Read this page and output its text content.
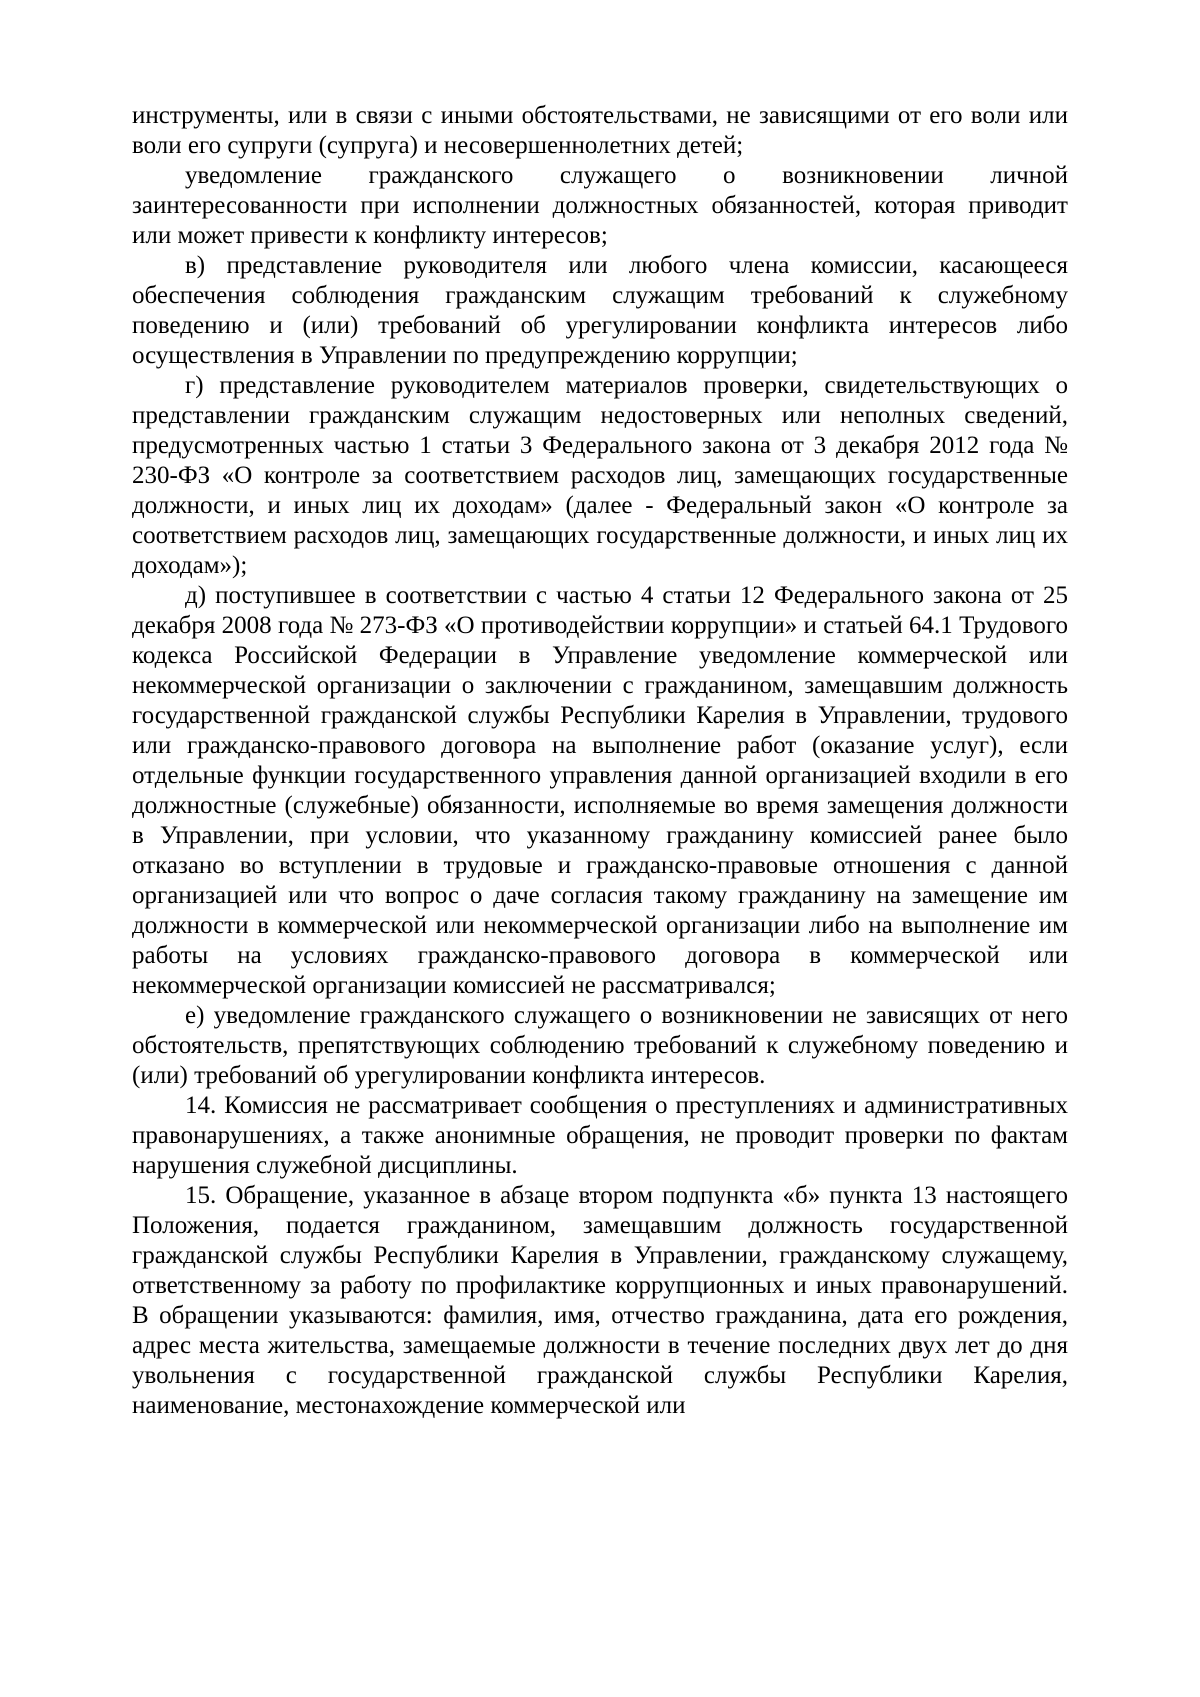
инструменты, или в связи с иными обстоятельствами, не зависящими от его воли или воли его супруги (супруга) и несовершеннолетних детей;

уведомление гражданского служащего о возникновении личной заинтересованности при исполнении должностных обязанностей, которая приводит или может привести к конфликту интересов;

в) представление руководителя или любого члена комиссии, касающееся обеспечения соблюдения гражданским служащим требований к служебному поведению и (или) требований об урегулировании конфликта интересов либо осуществления в Управлении по предупреждению коррупции;

г) представление руководителем материалов проверки, свидетельствующих о представлении гражданским служащим недостоверных или неполных сведений, предусмотренных частью 1 статьи 3 Федерального закона от 3 декабря 2012 года № 230-ФЗ «О контроле за соответствием расходов лиц, замещающих государственные должности, и иных лиц их доходам» (далее - Федеральный закон «О контроле за соответствием расходов лиц, замещающих государственные должности, и иных лиц их доходам»);

д) поступившее в соответствии с частью 4 статьи 12 Федерального закона от 25 декабря 2008 года № 273-ФЗ «О противодействии коррупции» и статьей 64.1 Трудового кодекса Российской Федерации в Управление уведомление коммерческой или некоммерческой организации о заключении с гражданином, замещавшим должность государственной гражданской службы Республики Карелия в Управлении, трудового или гражданско-правового договора на выполнение работ (оказание услуг), если отдельные функции государственного управления данной организацией входили в его должностные (служебные) обязанности, исполняемые во время замещения должности в Управлении, при условии, что указанному гражданину комиссией ранее было отказано во вступлении в трудовые и гражданско-правовые отношения с данной организацией или что вопрос о даче согласия такому гражданину на замещение им должности в коммерческой или некоммерческой организации либо на выполнение им работы на условиях гражданско-правового договора в коммерческой или некоммерческой организации комиссией не рассматривался;

е) уведомление гражданского служащего о возникновении не зависящих от него обстоятельств, препятствующих соблюдению требований к служебному поведению и (или) требований об урегулировании конфликта интересов.

14. Комиссия не рассматривает сообщения о преступлениях и административных правонарушениях, а также анонимные обращения, не проводит проверки по фактам нарушения служебной дисциплины.

15. Обращение, указанное в абзаце втором подпункта «б» пункта 13 настоящего Положения, подается гражданином, замещавшим должность государственной гражданской службы Республики Карелия в Управлении, гражданскому служащему, ответственному за работу по профилактике коррупционных и иных правонарушений. В обращении указываются: фамилия, имя, отчество гражданина, дата его рождения, адрес места жительства, замещаемые должности в течение последних двух лет до дня увольнения с государственной гражданской службы Республики Карелия, наименование, местонахождение коммерческой или
